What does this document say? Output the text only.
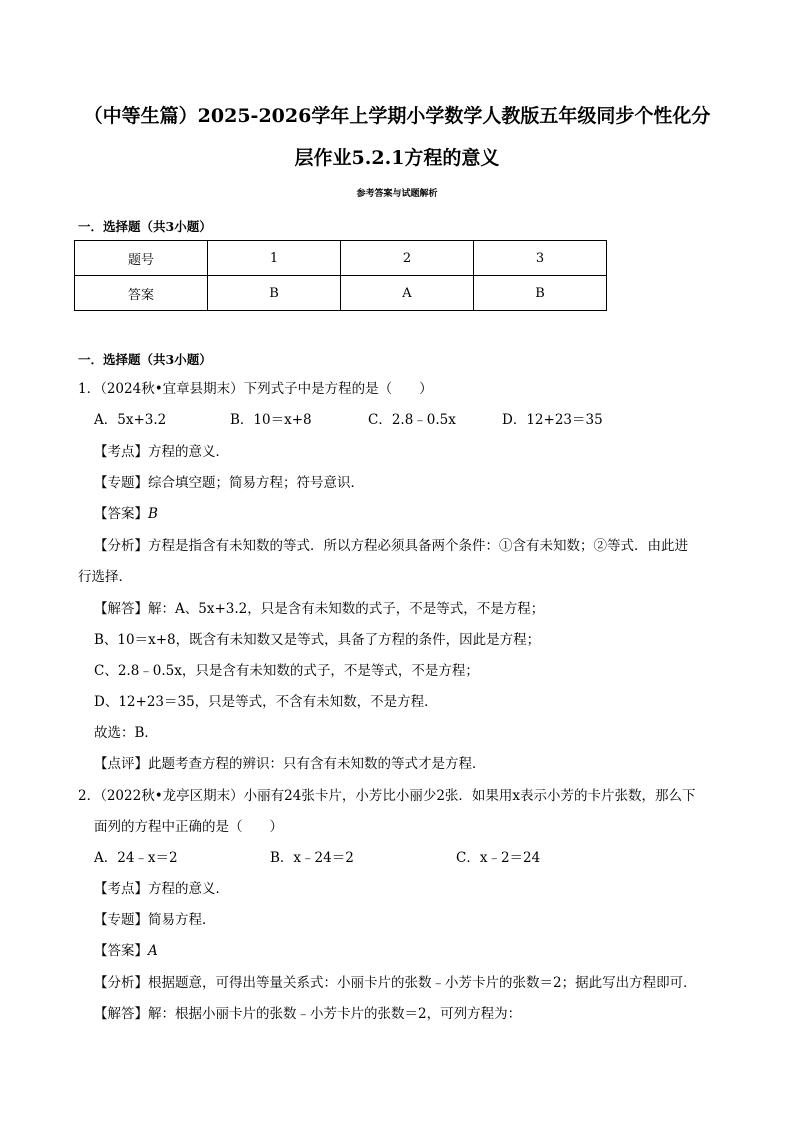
（中等生篇）2025-2026学年上学期小学数学人教版五年级同步个性化分
层作业5.2.1方程的意义
参考答案与试题解析
一．选择题（共3小题）
题号	1	2	3
答案	B	A	B
一．选择题（共3小题）
1．（2024秋•宜章县期末）下列式子中是方程的是（　　）
A．5x+3.2	B．10＝x+8	C．2.8﹣0.5x	D．12+23＝35
【考点】方程的意义．
【专题】综合填空题；简易方程；符号意识．
【答案】B
【分析】方程是指含有未知数的等式．所以方程必须具备两个条件：①含有未知数；②等式．由此进
行选择．
【解答】解：A、5x+3.2，只是含有未知数的式子，不是等式，不是方程；
B、10＝x+8，既含有未知数又是等式，具备了方程的条件，因此是方程；
C、2.8﹣0.5x，只是含有未知数的式子，不是等式，不是方程；
D、12+23＝35，只是等式，不含有未知数，不是方程．
故选：B．
【点评】此题考查方程的辨识：只有含有未知数的等式才是方程．
2．（2022秋•龙亭区期末）小丽有24张卡片，小芳比小丽少2张．如果用x表示小芳的卡片张数，那么下
面列的方程中正确的是（　　）
A．24﹣x＝2	B．x﹣24＝2	C．x﹣2＝24
【考点】方程的意义．
【专题】简易方程．
【答案】A
【分析】根据题意，可得出等量关系式：小丽卡片的张数﹣小芳卡片的张数＝2；据此写出方程即可．
【解答】解：根据小丽卡片的张数﹣小芳卡片的张数＝2，可列方程为：
